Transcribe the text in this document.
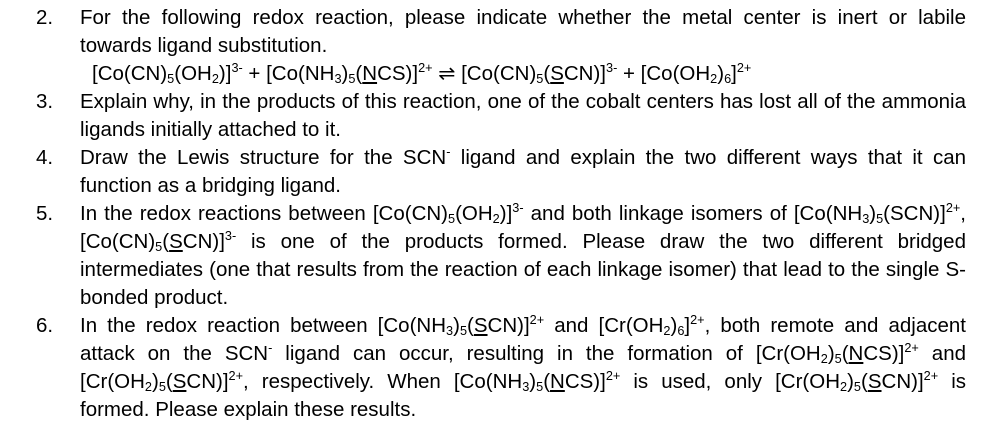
2.	For the following redox reaction, please indicate whether the metal center is inert or labile towards ligand substitution.
$[Co(CN)_5(OH_2)]^{3-} + [Co(NH_3)_5(NCS)]^{2+}$ ⇌ $[Co(CN)_5(SCN)]^{3-} + [Co(OH_2)_6]^{2+}$
3.	Explain why, in the products of this reaction, one of the cobalt centers has lost all of the ammonia ligands initially attached to it.
4.	Draw the Lewis structure for the SCN- ligand and explain the two different ways that it can function as a bridging ligand.
5.	In the redox reactions between $[Co(CN)_5(OH_2)]^{3-}$ and both linkage isomers of $[Co(NH_3)_5(SCN)]^{2+}$, $[Co(CN)_5(SCN)]^{3-}$ is one of the products formed. Please draw the two different bridged intermediates (one that results from the reaction of each linkage isomer) that lead to the single S-bonded product.
6.	In the redox reaction between $[Co(NH_3)_5(SCN)]^{2+}$ and $[Cr(OH_2)_6]^{2+}$, both remote and adjacent attack on the SCN- ligand can occur, resulting in the formation of $[Cr(OH_2)_5(NCS)]^{2+}$ and $[Cr(OH_2)_5(SCN)]^{2+}$, respectively. When $[Co(NH_3)_5(NCS)]^{2+}$ is used, only $[Cr(OH_2)_5(SCN)]^{2+}$ is formed. Please explain these results.
